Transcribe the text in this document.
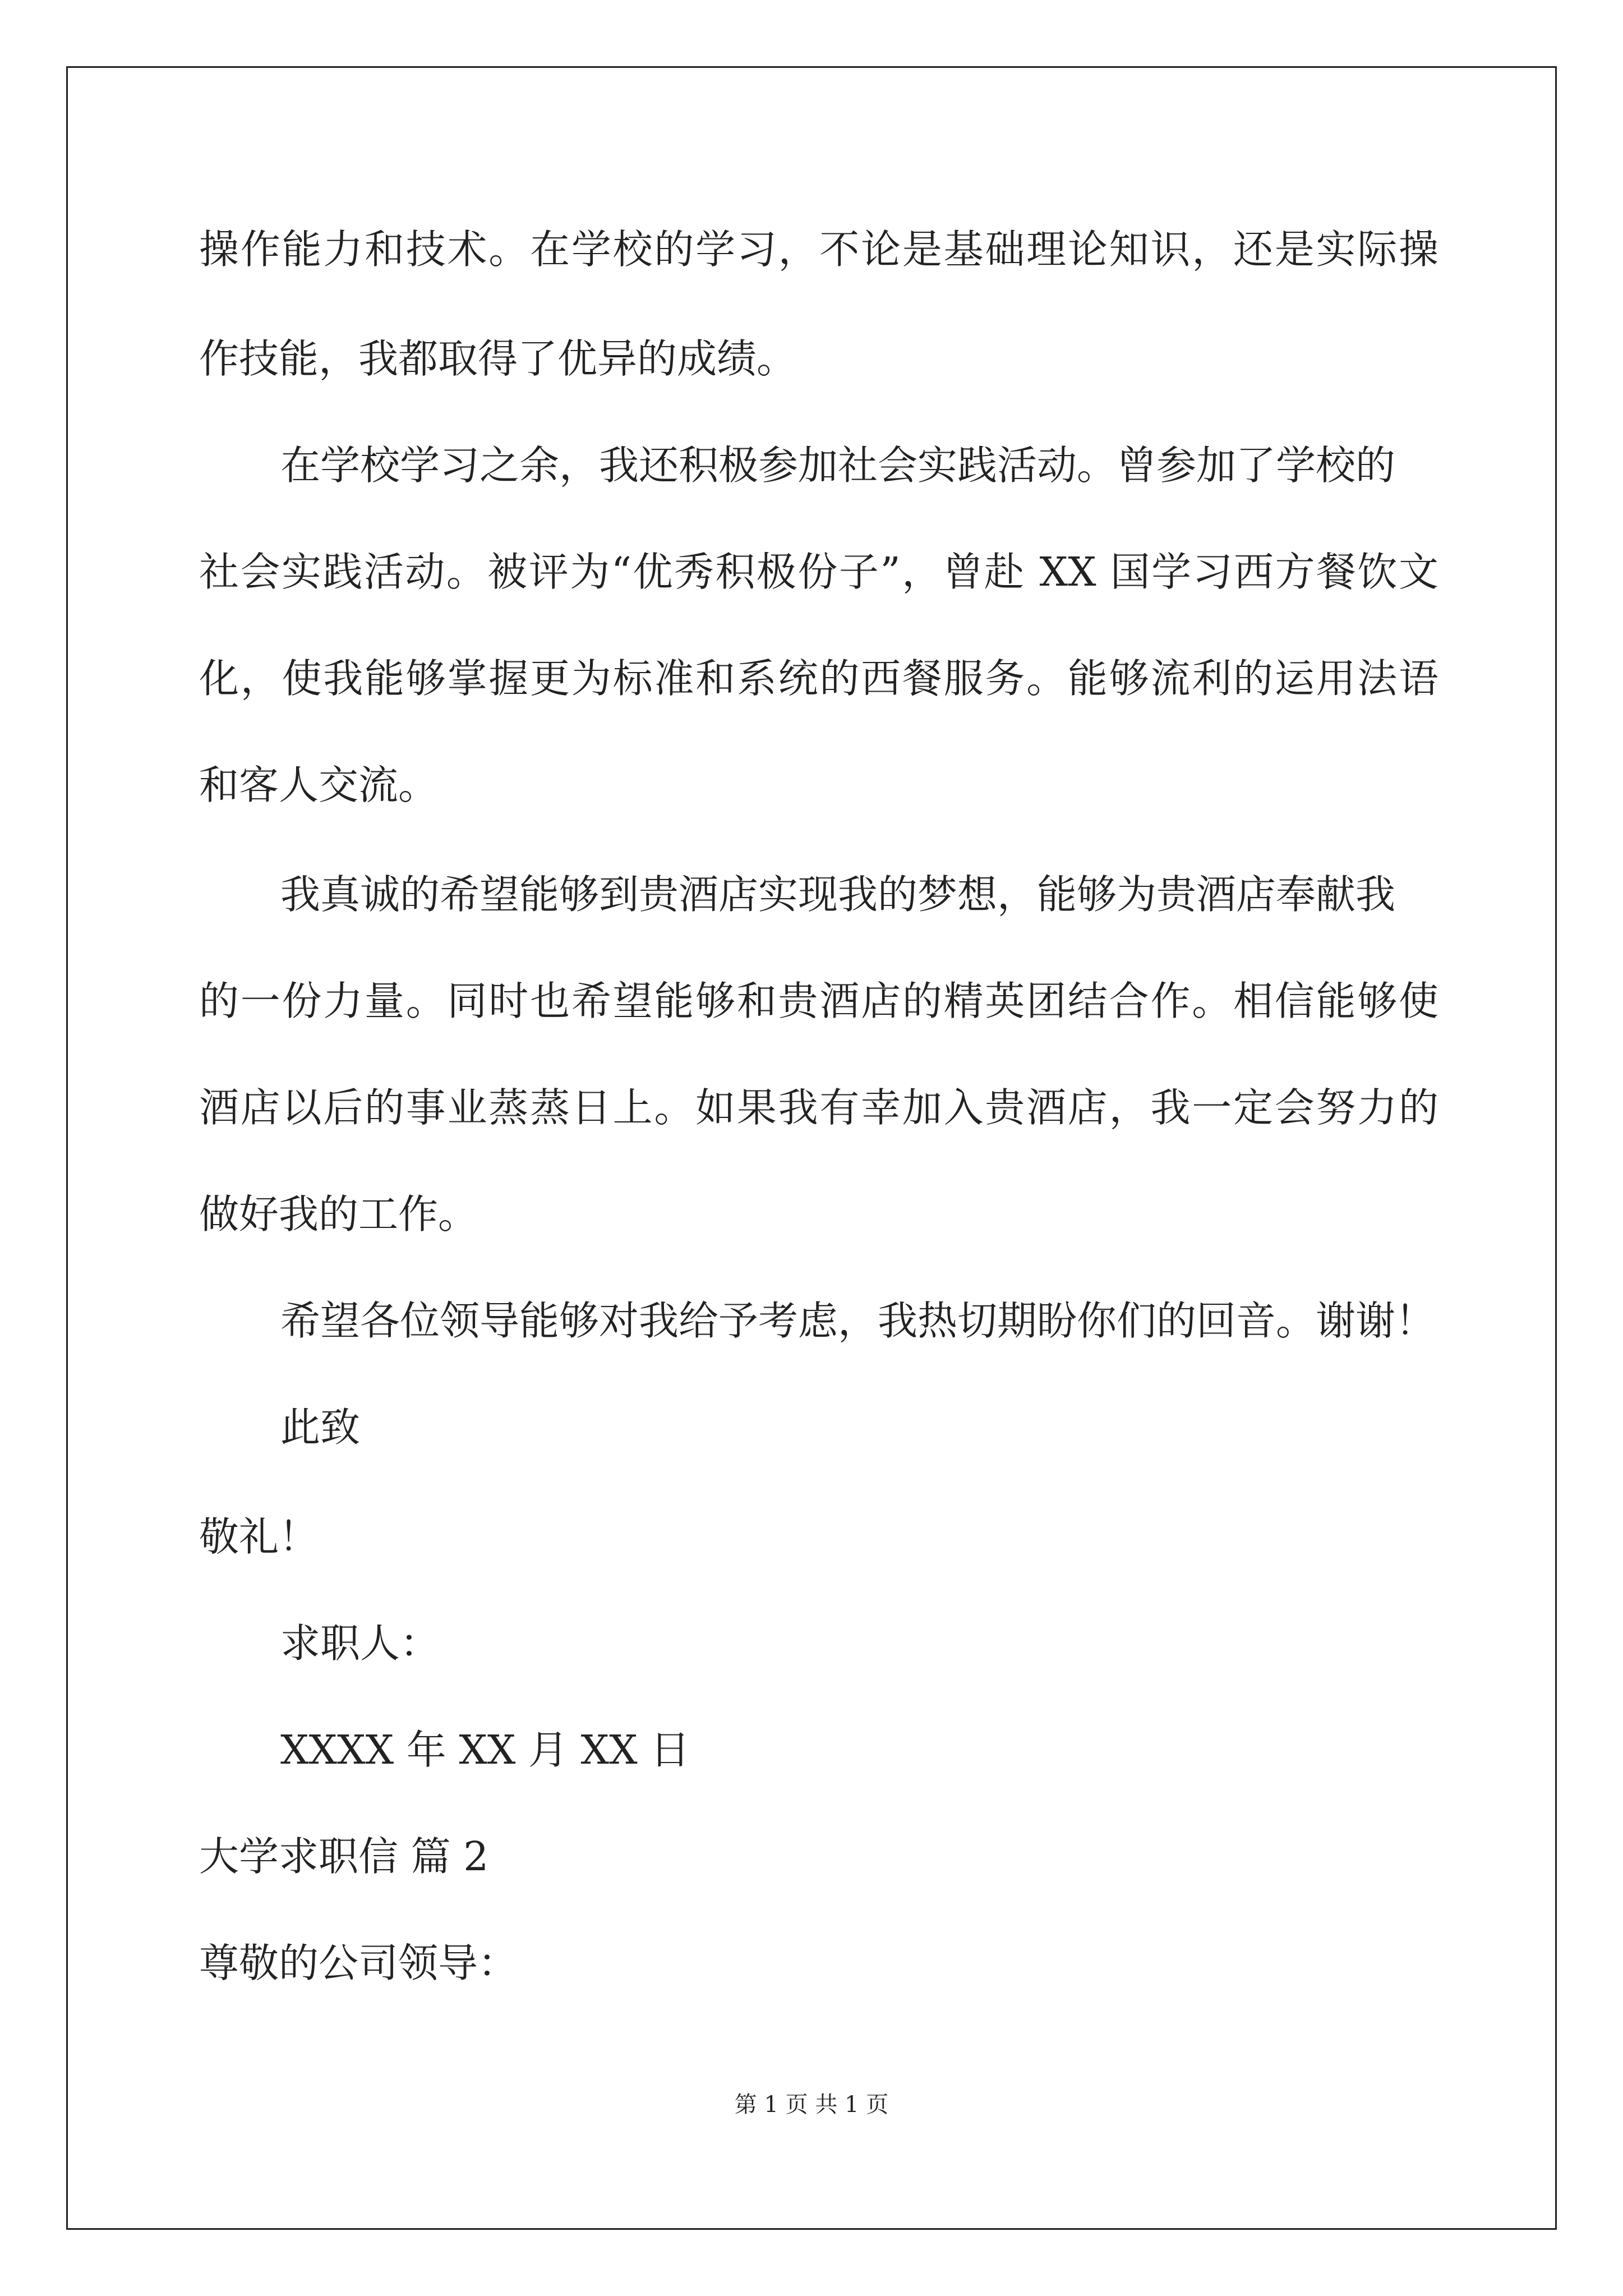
操作能力和技术。在学校的学习，不论是基础理论知识，还是实际操

作技能，我都取得了优异的成绩。

在学校学习之余，我还积极参加社会实践活动。曾参加了学校的

社会实践活动。被评为“优秀积极份子”，曾赴 XX 国学习西方餐饮文

化，使我能够掌握更为标准和系统的西餐服务。能够流利的运用法语

和客人交流。

我真诚的希望能够到贵酒店实现我的梦想，能够为贵酒店奉献我

的一份力量。同时也希望能够和贵酒店的精英团结合作。相信能够使

酒店以后的事业蒸蒸日上。如果我有幸加入贵酒店，我一定会努力的

做好我的工作。

希望各位领导能够对我给予考虑，我热切期盼你们的回音。谢谢！

此致

敬礼！

求职人：

XXXX 年 XX 月 XX 日

大学求职信 篇 2

尊敬的公司领导：

第 1 页 共 1 页
